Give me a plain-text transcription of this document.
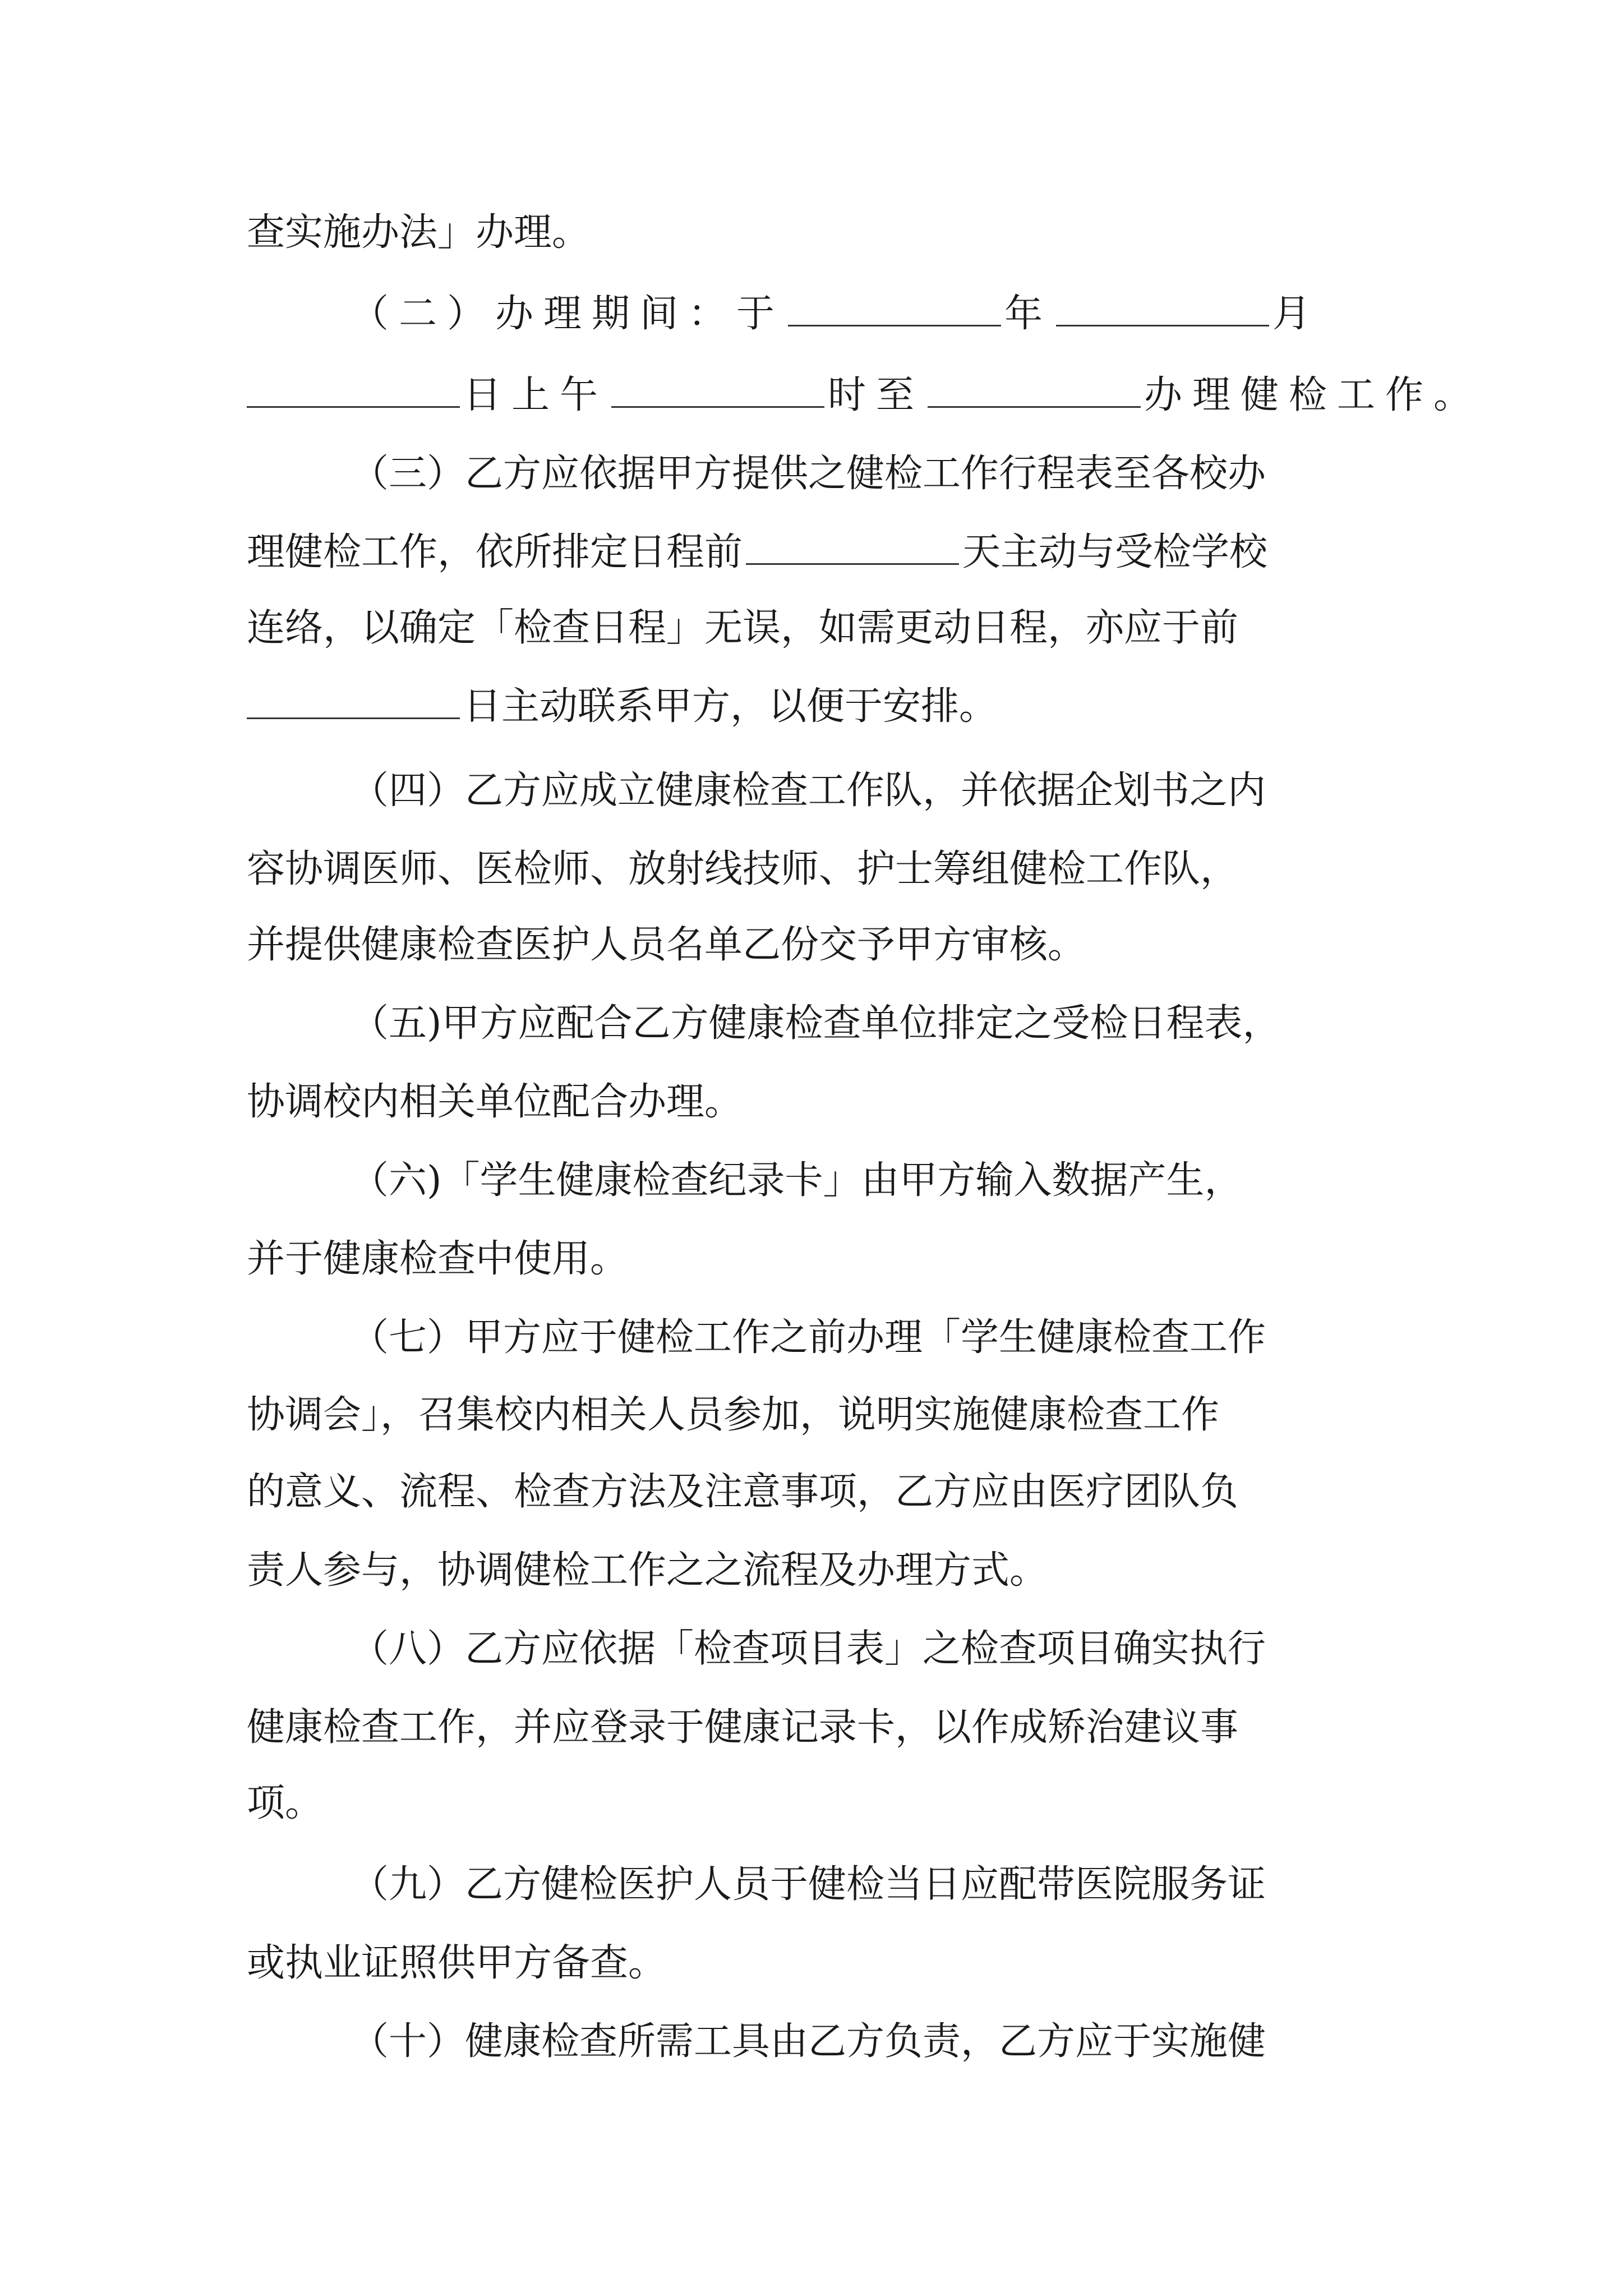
查实施办法」办理。
（二）办理期间：于	年	月
日上午	时至	办理健检工作。
（三）乙方应依据甲方提供之健检工作行程表至各校办
理健检工作，依所排定日程前	天主动与受检学校
连络，以确定「检查日程」无误，如需更动日程，亦应于前
日主动联系甲方，以便于安排。
（四）乙方应成立健康检查工作队，并依据企划书之内
容协调医师、医检师、放射线技师、护士筹组健检工作队，
并提供健康检查医护人员名单乙份交予甲方审核。
（五)甲方应配合乙方健康检查单位排定之受检日程表，
协调校内相关单位配合办理。
（六)「学生健康检查纪录卡」由甲方输入数据产生，
并于健康检查中使用。
（七）甲方应于健检工作之前办理「学生健康检查工作
协调会」，召集校内相关人员参加，说明实施健康检查工作
的意义、流程、检查方法及注意事项，乙方应由医疗团队负
责人参与，协调健检工作之之流程及办理方式。
（八）乙方应依据「检查项目表」之检查项目确实执行
健康检查工作，并应登录于健康记录卡，以作成矫治建议事
项。
（九）乙方健检医护人员于健检当日应配带医院服务证
或执业证照供甲方备查。
（十）健康检查所需工具由乙方负责，乙方应于实施健
